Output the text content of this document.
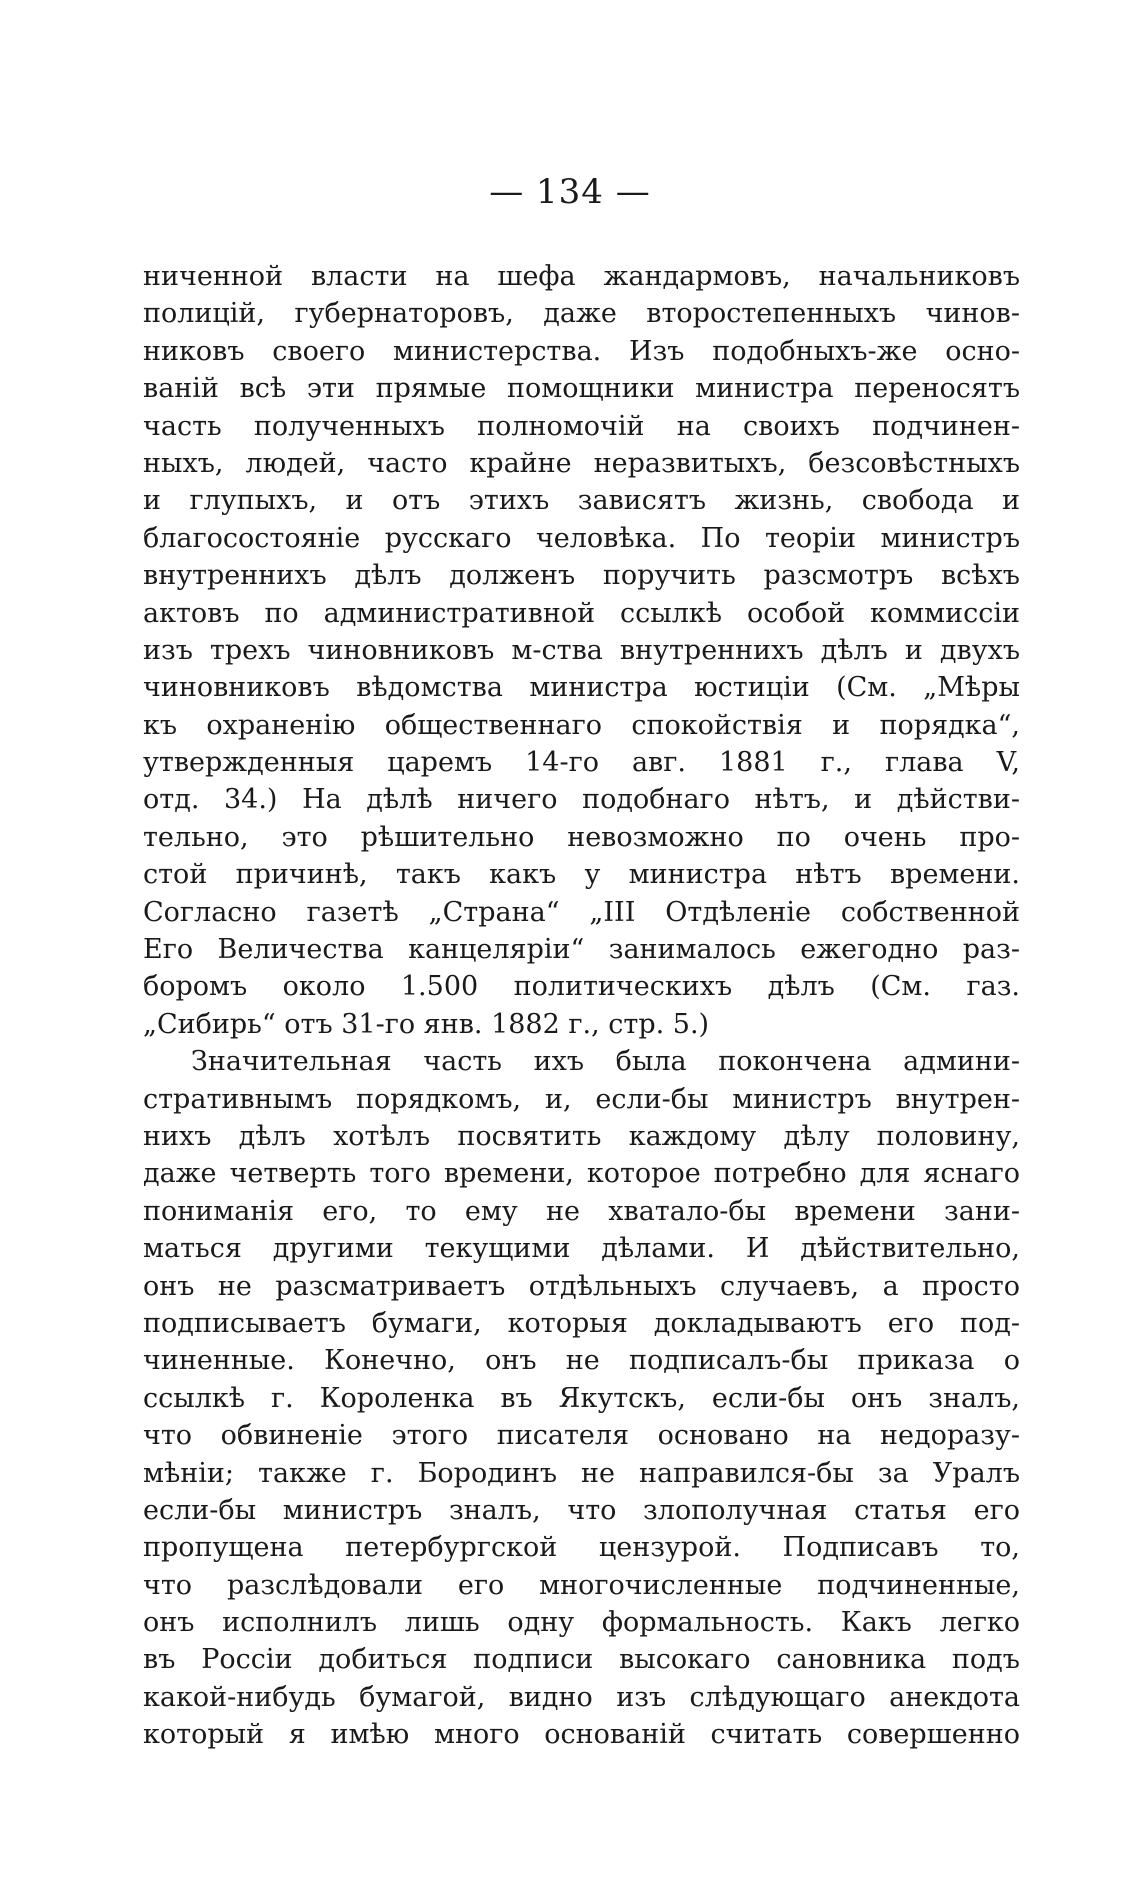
— 134 —
ниченной власти на шефа жандармовъ, начальниковъ
полицій, губернаторовъ, даже второстепенныхъ чинов-
никовъ своего министерства. Изъ подобныхъ-же осно-
ваній всѣ эти прямые помощники министра переносятъ
часть полученныхъ полномочій на своихъ подчинен-
ныхъ, людей, часто крайне неразвитыхъ, безсовѣстныхъ
и глупыхъ, и отъ этихъ зависятъ жизнь, свобода и
благосостояніе русскаго человѣка. По теоріи министръ
внутреннихъ дѣлъ долженъ поручить разсмотръ всѣхъ
актовъ по административной ссылкѣ особой коммиссіи
изъ трехъ чиновниковъ м-ства внутреннихъ дѣлъ и двухъ
чиновниковъ вѣдомства министра юстиціи (См. „Мѣры
къ охраненію общественнаго спокойствія и порядка“,
утвержденныя царемъ 14-го авг. 1881 г., глава V,
отд. 34.) На дѣлѣ ничего подобнаго нѣтъ, и дѣйстви-
тельно, это рѣшительно невозможно по очень про-
стой причинѣ, такъ какъ у министра нѣтъ времени.
Согласно газетѣ „Страна“ „III Отдѣленіе собственной
Его Величества канцеляріи“ занималось ежегодно раз-
боромъ около 1.500 политическихъ дѣлъ (См. газ.
„Сибирь“ отъ 31-го янв. 1882 г., стр. 5.)
Значительная часть ихъ была покончена админи-
стративнымъ порядкомъ, и, если-бы министръ внутрен-
нихъ дѣлъ хотѣлъ посвятить каждому дѣлу половину,
даже четверть того времени, которое потребно для яснаго
пониманія его, то ему не хватало-бы времени зани-
маться другими текущими дѣлами. И дѣйствительно,
онъ не разсматриваетъ отдѣльныхъ случаевъ, а просто
подписываетъ бумаги, которыя докладываютъ его под-
чиненные. Конечно, онъ не подписалъ-бы приказа о
ссылкѣ г. Короленка въ Якутскъ, если-бы онъ зналъ,
что обвиненіе этого писателя основано на недоразу-
мѣніи; также г. Бородинъ не направился-бы за Уралъ
если-бы министръ зналъ, что злополучная статья его
пропущена петербургской цензурой. Подписавъ то,
что разслѣдовали его многочисленные подчиненные,
онъ исполнилъ лишь одну формальность. Какъ легко
въ Россіи добиться подписи высокаго сановника подъ
какой-нибудь бумагой, видно изъ слѣдующаго анекдота
который я имѣю много основаній считать совершенно
